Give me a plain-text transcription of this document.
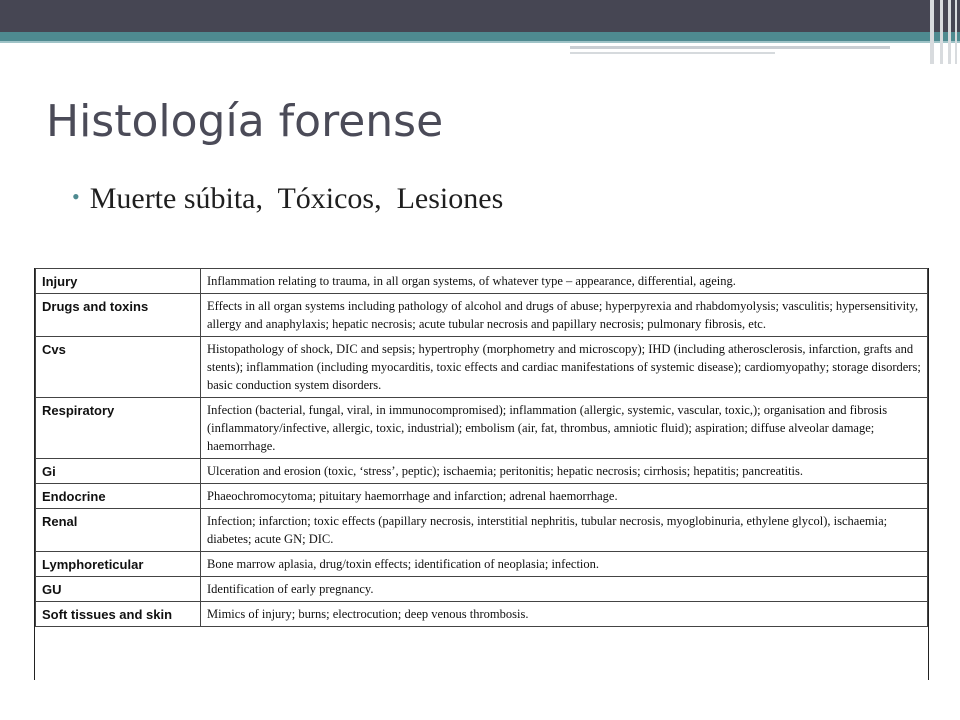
Histología forense
• Muerte súbita,  Tóxicos,  Lesiones
Injury	Inflammation relating to trauma, in all organ systems, of whatever type – appearance, differential, ageing.
Drugs and toxins	Effects in all organ systems including pathology of alcohol and drugs of abuse; hyperpyrexia and rhabdomyolysis; vasculitis; hypersensitivity, allergy and anaphylaxis; hepatic necrosis; acute tubular necrosis and papillary necrosis; pulmonary fibrosis, etc.
Cvs	Histopathology of shock, DIC and sepsis; hypertrophy (morphometry and microscopy); IHD (including atherosclerosis, infarction, grafts and stents); inflammation (including myocarditis, toxic effects and cardiac manifestations of systemic disease); cardiomyopathy; storage disorders; basic conduction system disorders.
Respiratory	Infection (bacterial, fungal, viral, in immunocompromised); inflammation (allergic, systemic, vascular, toxic,); organisation and fibrosis (inflammatory/infective, allergic, toxic, industrial); embolism (air, fat, thrombus, amniotic fluid); aspiration; diffuse alveolar damage; haemorrhage.
Gi	Ulceration and erosion (toxic, ‘stress’, peptic); ischaemia; peritonitis; hepatic necrosis; cirrhosis; hepatitis; pancreatitis.
Endocrine	Phaeochromocytoma; pituitary haemorrhage and infarction; adrenal haemorrhage.
Renal	Infection; infarction; toxic effects (papillary necrosis, interstitial nephritis, tubular necrosis, myoglobinuria, ethylene glycol), ischaemia; diabetes; acute GN; DIC.
Lymphoreticular	Bone marrow aplasia, drug/toxin effects; identification of neoplasia; infection.
GU	Identification of early pregnancy.
Soft tissues and skin	Mimics of injury; burns; electrocution; deep venous thrombosis.
